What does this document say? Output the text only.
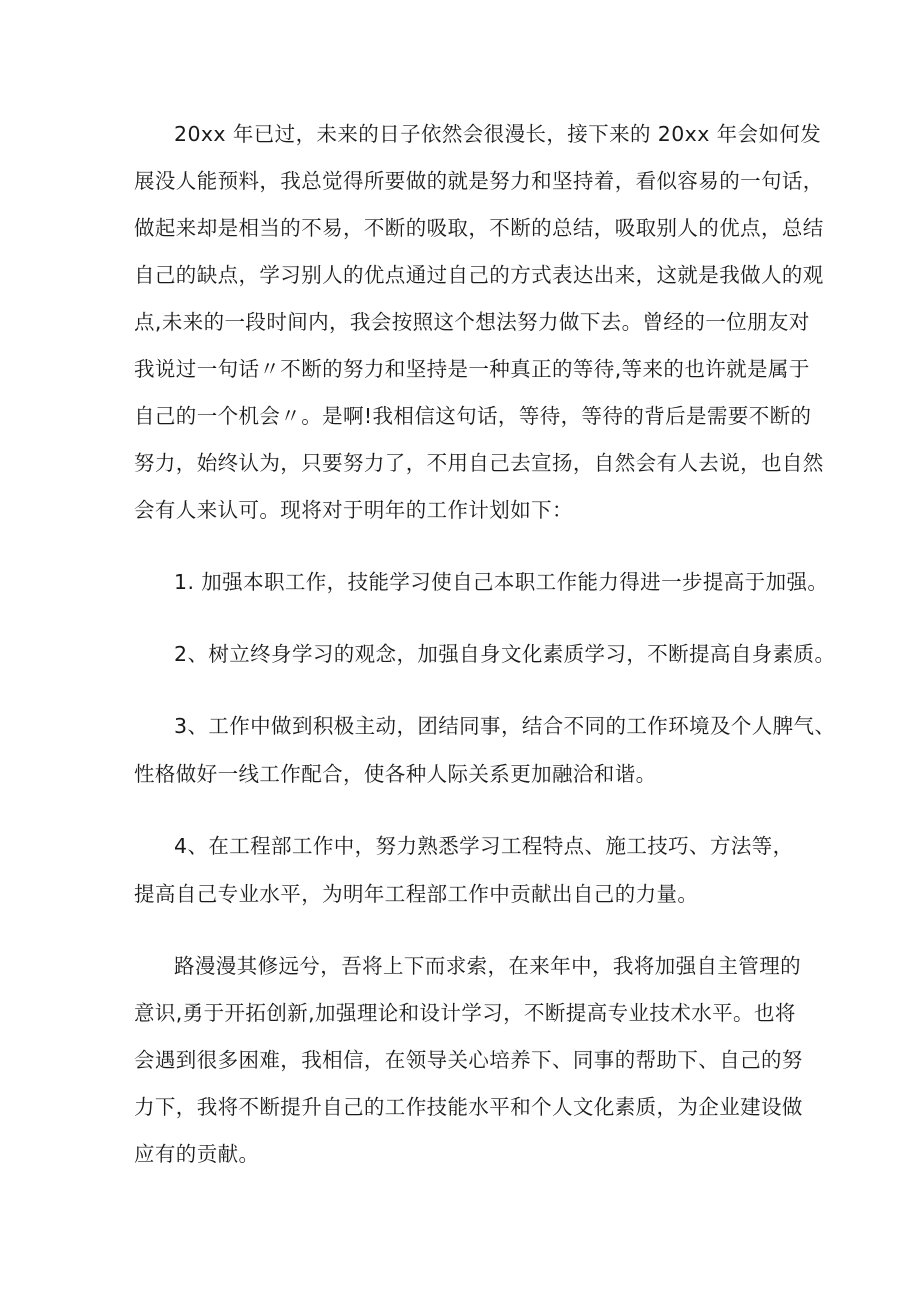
20xx 年已过，未来的日子依然会很漫长，接下来的 20xx 年会如何发
展没人能预料，我总觉得所要做的就是努力和坚持着，看似容易的一句话，
做起来却是相当的不易，不断的吸取，不断的总结，吸取别人的优点，总结
自己的缺点，学习别人的优点通过自己的方式表达出来，这就是我做人的观
点,未来的一段时间内，我会按照这个想法努力做下去。曾经的一位朋友对
我说过一句话〃不断的努力和坚持是一种真正的等待,等来的也许就是属于
自己的一个机会〃。是啊!我相信这句话，等待，等待的背后是需要不断的
努力，始终认为，只要努力了，不用自己去宣扬，自然会有人去说，也自然
会有人来认可。现将对于明年的工作计划如下：
1. 加强本职工作，技能学习使自己本职工作能力得进一步提高于加强。
2、树立终身学习的观念，加强自身文化素质学习，不断提高自身素质。
3、工作中做到积极主动，团结同事，结合不同的工作环境及个人脾气、
性格做好一线工作配合，使各种人际关系更加融洽和谐。
4、在工程部工作中，努力熟悉学习工程特点、施工技巧、方法等，
提高自己专业水平，为明年工程部工作中贡献出自己的力量。
路漫漫其修远兮，吾将上下而求索，在来年中，我将加强自主管理的
意识,勇于开拓创新,加强理论和设计学习，不断提高专业技术水平。也将
会遇到很多困难，我相信，在领导关心培养下、同事的帮助下、自己的努
力下，我将不断提升自己的工作技能水平和个人文化素质，为企业建设做
应有的贡献。
